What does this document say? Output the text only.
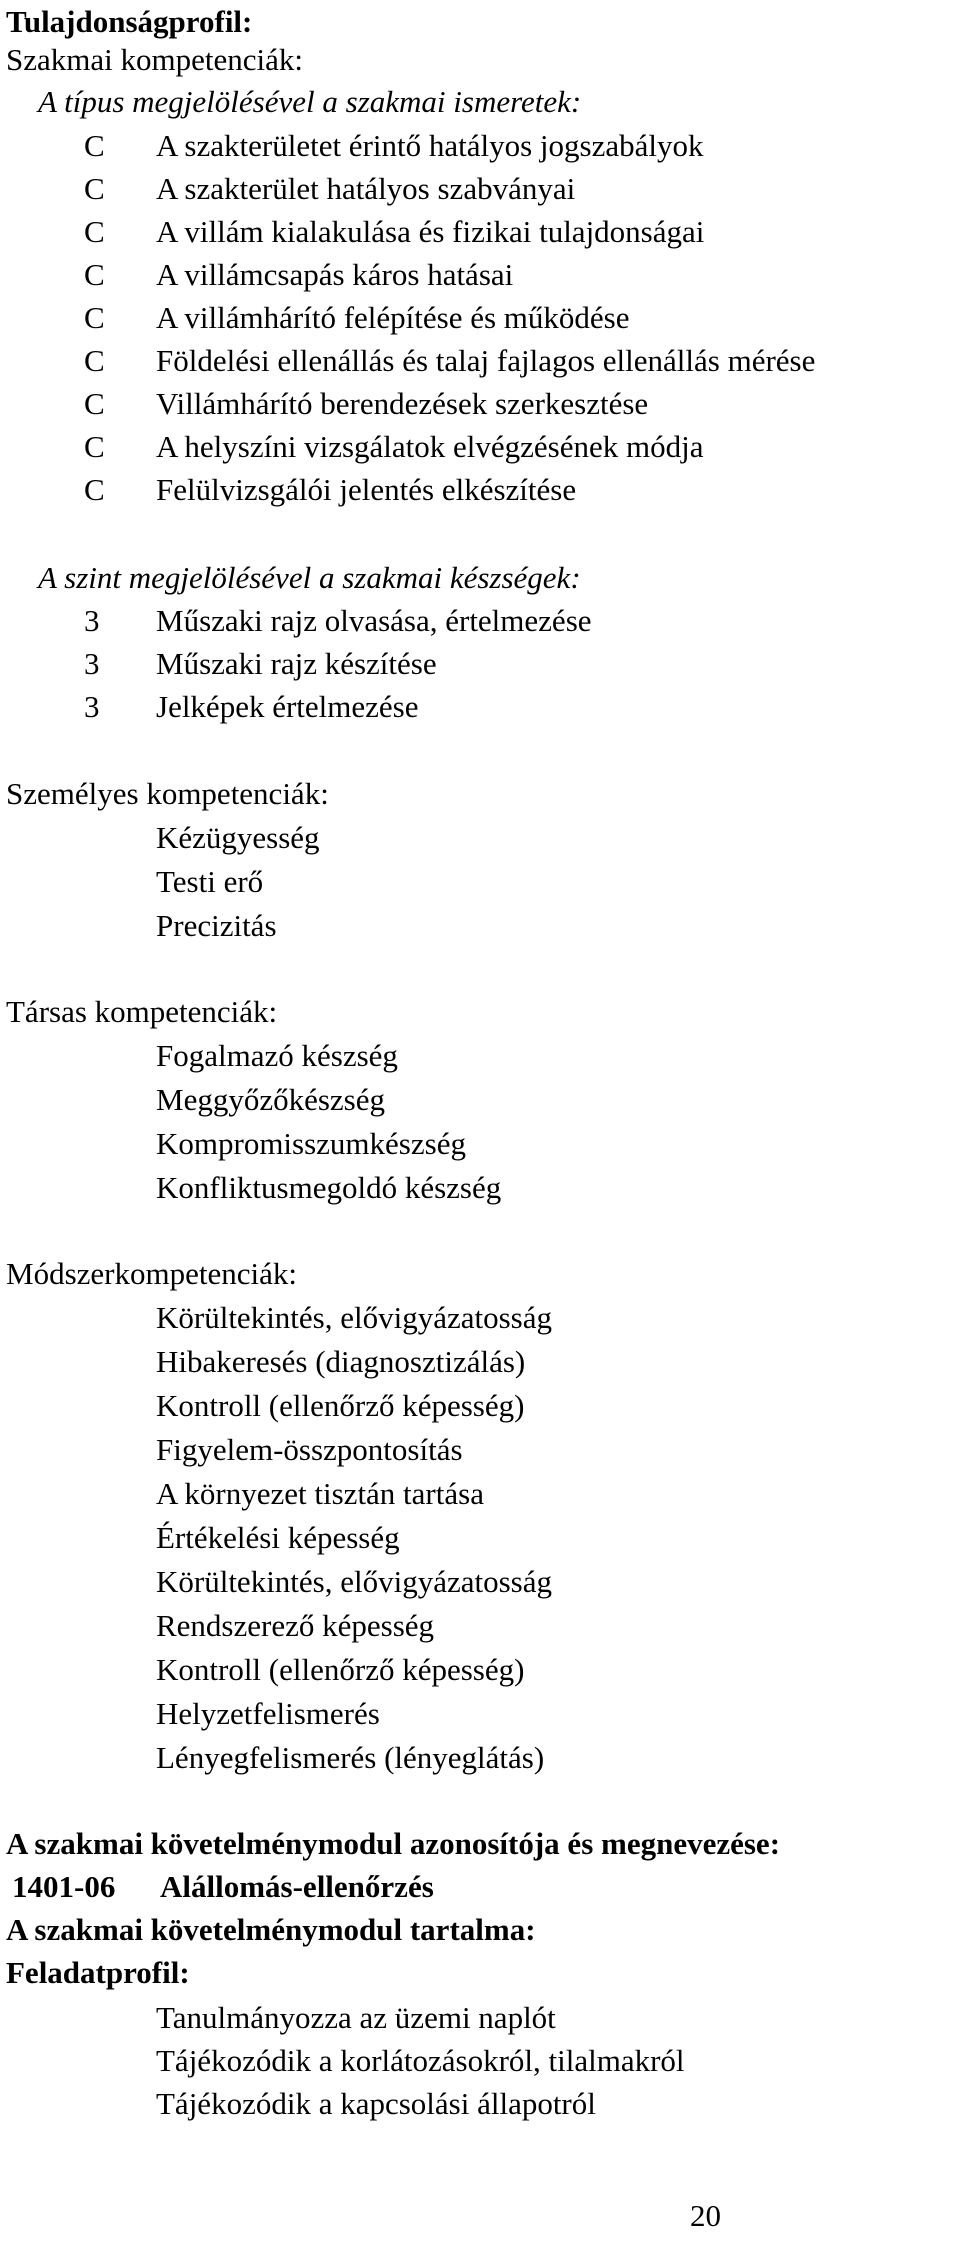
Tulajdonságprofil:
Szakmai kompetenciák:
A típus megjelölésével a szakmai ismeretek:
C A szakterületet érintő hatályos jogszabályok
C A szakterület hatályos szabványai
C A villám kialakulása és fizikai tulajdonságai
C A villámcsapás káros hatásai
C A villámhárító felépítése és működése
C Földelési ellenállás és talaj fajlagos ellenállás mérése
C Villámhárító berendezések szerkesztése
C A helyszíni vizsgálatok elvégzésének módja
C Felülvizsgálói jelentés elkészítése
A szint megjelölésével a szakmai készségek:
3 Műszaki rajz olvasása, értelmezése
3 Műszaki rajz készítése
3 Jelképek értelmezése
Személyes kompetenciák:
Kézügyesség
Testi erő
Precizitás
Társas kompetenciák:
Fogalmazó készség
Meggyőzőkészség
Kompromisszumkészség
Konfliktusmegoldó készség
Módszerkompetenciák:
Körültekintés, elővigyázatosság
Hibakeresés (diagnosztizálás)
Kontroll (ellenőrző képesség)
Figyelem-összpontosítás
A környezet tisztán tartása
Értékelési képesség
Körültekintés, elővigyázatosság
Rendszerező képesség
Kontroll (ellenőrző képesség)
Helyzetfelismerés
Lényegfelismerés (lényeglátás)
A szakmai követelménymodul azonosítója és megnevezése:
1401-06 Alállomás-ellenőrzés
A szakmai követelménymodul tartalma:
Feladatprofil:
Tanulmányozza az üzemi naplót
Tájékozódik a korlátozásokról, tilalmakról
Tájékozódik a kapcsolási állapotról
20
